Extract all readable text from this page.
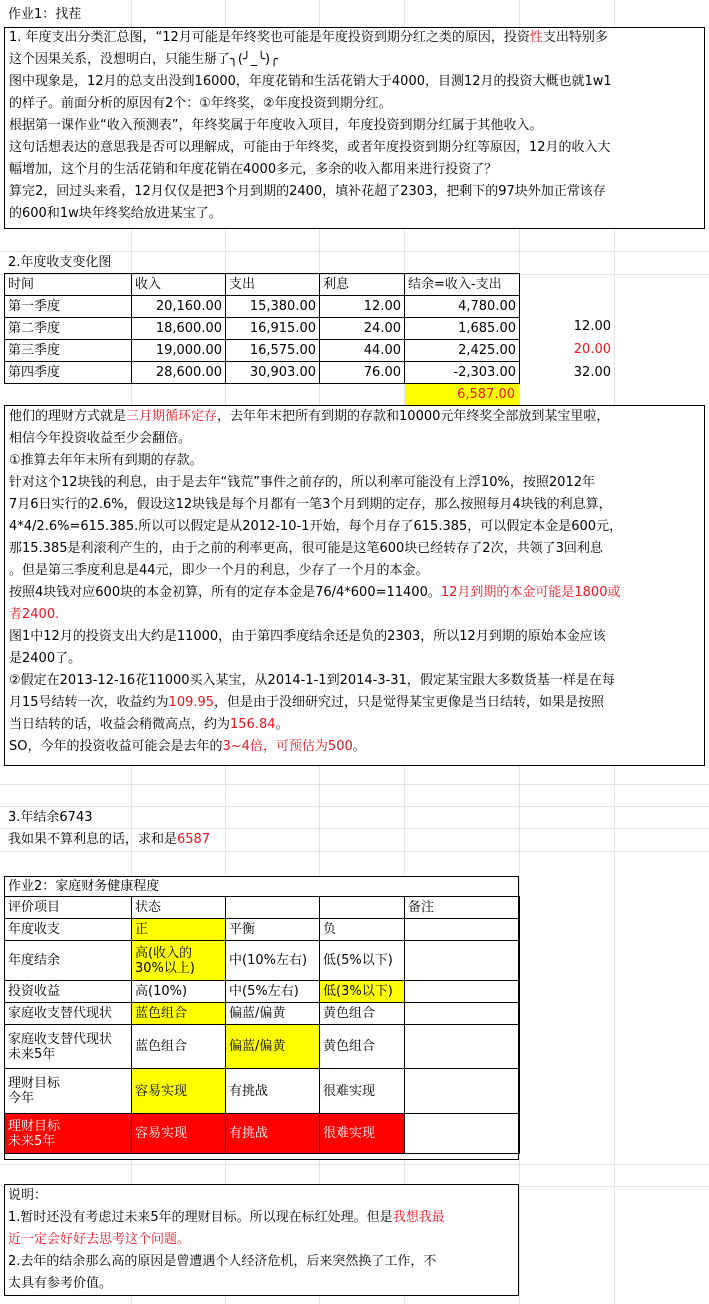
作业1：找茬
1. 年度支出分类汇总图，“12月可能是年终奖也可能是年度投资到期分红之类的原因，投资性支出特别多
这个因果关系，没想明白，只能生掰了╮(╯_╰)╭
图中现象是，12月的总支出没到16000，年度花销和生活花销大于4000，目测12月的投资大概也就1w1
的样子。前面分析的原因有2个：①年终奖，②年度投资到期分红。
根据第一课作业“收入预测表”，年终奖属于年度收入项目，年度投资到期分红属于其他收入。
这句话想表达的意思我是否可以理解成，可能由于年终奖，或者年度投资到期分红等原因，12月的收入大
幅增加，这个月的生活花销和年度花销在4000多元，多余的收入都用来进行投资了？
算完2，回过头来看，12月仅仅是把3个月到期的2400，填补花超了2303，把剩下的97块外加正常该存
的600和1w块年终奖给放进某宝了。
2.年度收支变化图
时间	收入	支出	利息	结余=收入-支出
第一季度	20,160.00	15,380.00	12.00	4,780.00
第二季度	18,600.00	16,915.00	24.00	1,685.00
第三季度	19,000.00	16,575.00	44.00	2,425.00
第四季度	28,600.00	30,903.00	76.00	-2,303.00
12.00
20.00
32.00
6,587.00
他们的理财方式就是三月期循环定存，去年年末把所有到期的存款和10000元年终奖全部放到某宝里啦，
相信今年投资收益至少会翻倍。
①推算去年年末所有到期的存款。
针对这个12块钱的利息，由于是去年“钱荒”事件之前存的，所以利率可能没有上浮10%，按照2012年
7月6日实行的2.6%，假设这12块钱是每个月都有一笔3个月到期的定存，那么按照每月4块钱的利息算，
4*4/2.6%=615.385.所以可以假定是从2012-10-1开始，每个月存了615.385，可以假定本金是600元，
那15.385是利滚利产生的，由于之前的利率更高，很可能是这笔600块已经转存了2次，共领了3回利息
。但是第三季度利息是44元，即少一个月的利息，少存了一个月的本金。
按照4块钱对应600块的本金初算，所有的定存本金是76/4*600=11400。12月到期的本金可能是1800或
者2400.
图1中12月的投资支出大约是11000，由于第四季度结余还是负的2303，所以12月到期的原始本金应该
是2400了。
②假定在2013-12-16花11000买入某宝，从2014-1-1到2014-3-31，假定某宝跟大多数货基一样是在每
月15号结转一次，收益约为109.95，但是由于没细研究过，只是觉得某宝更像是当日结转，如果是按照
当日结转的话，收益会稍微高点，约为156.84。
SO，今年的投资收益可能会是去年的3~4倍，可预估为500。
3.年结余6743
我如果不算利息的话，求和是6587
作业2：家庭财务健康程度
评价项目	状态			备注
年度收支	正	平衡	负	
年度结余	高(收入的
30%以上)	中(10%左右)	低(5%以下)	
投资收益	高(10%)	中(5%左右)	低(3%以下)	
家庭收支替代现状	蓝色组合	偏蓝/偏黄	黄色组合	
家庭收支替代现状
未来5年	蓝色组合	偏蓝/偏黄	黄色组合	
理财目标
今年	容易实现	有挑战	很难实现	
理财目标
未来5年	容易实现	有挑战	很难实现	
说明：
1.暂时还没有考虑过未来5年的理财目标。所以现在标红处理。但是我想我最
近一定会好好去思考这个问题。
2.去年的结余那么高的原因是曾遭遇个人经济危机，后来突然换了工作，不
太具有参考价值。
